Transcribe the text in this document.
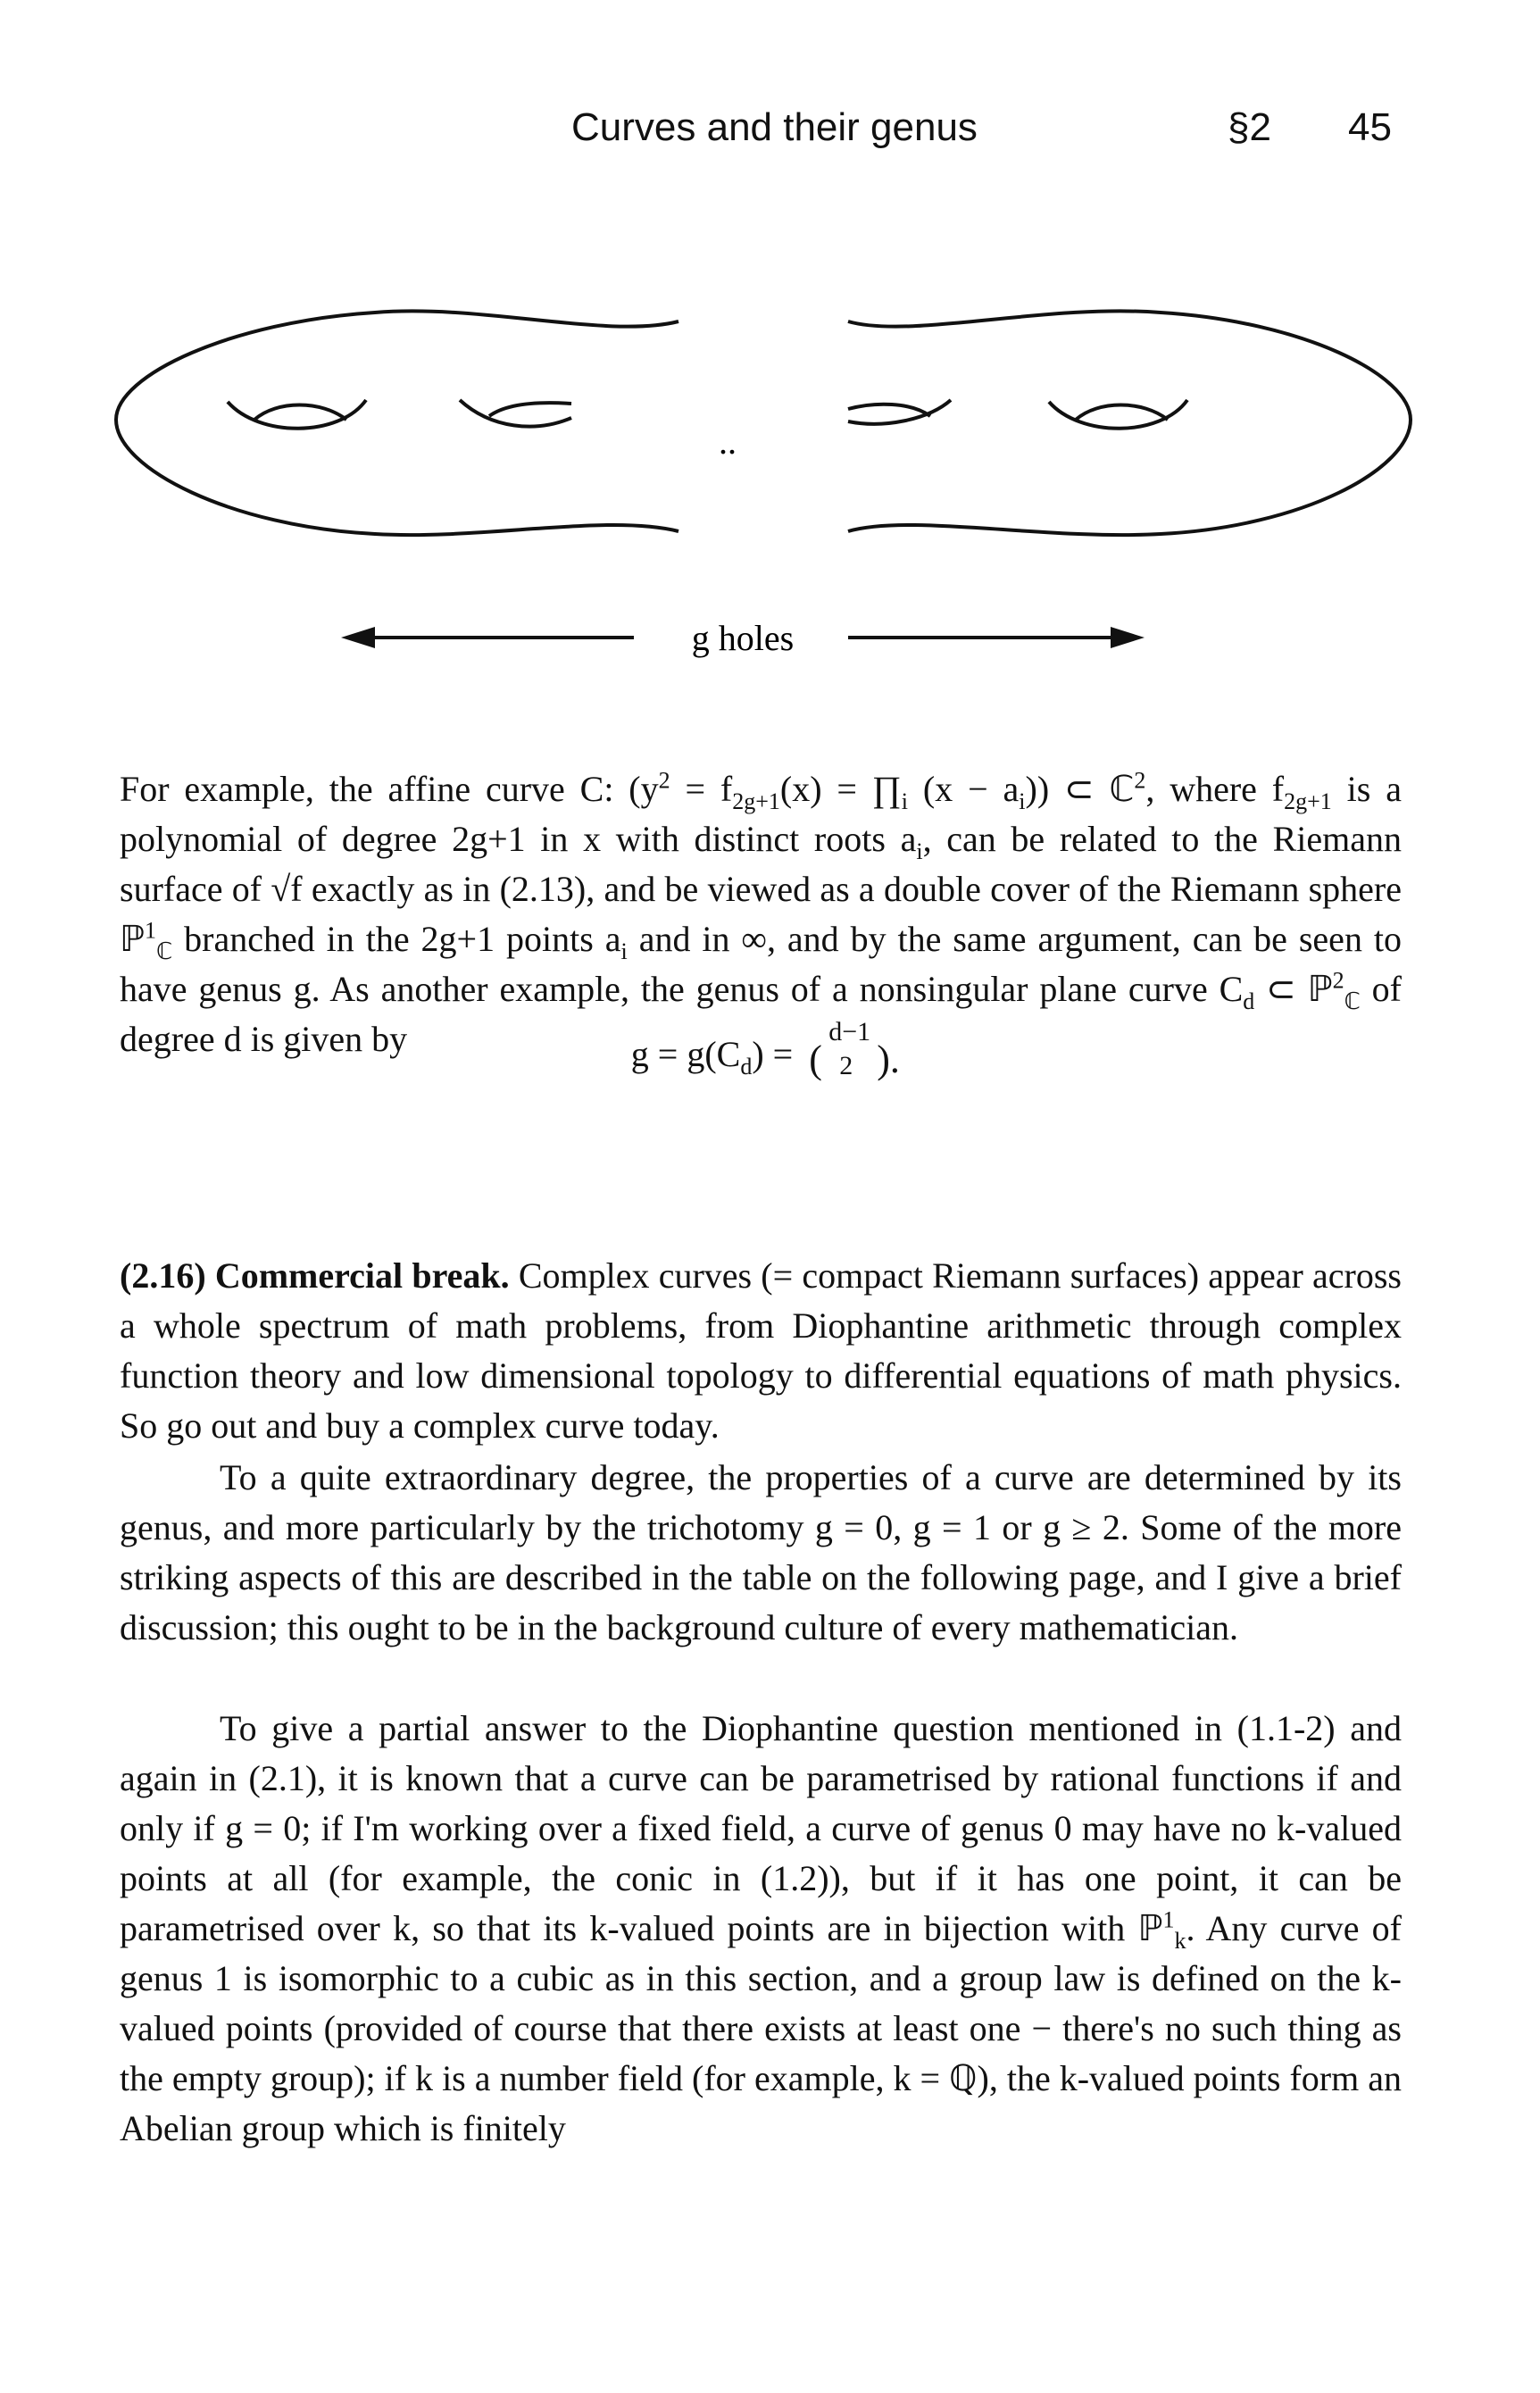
Curves and their genus	§2 45
..
g holes
For example, the affine curve C: ($y^2 = f_{2g+1}(x)$ = $\prod_i$ $(x - a_i)$) ⊂ ℂ$^2$, where $f_{2g+1}$ is a polynomial of degree 2g+1 in x with distinct roots $a_i$, can be related to the Riemann surface of √f exactly as in (2.13), and be viewed as a double cover of the Riemann sphere ℙ$^1_ℂ$ branched in the 2g+1 points $a_i$ and in ∞, and by the same argument, can be seen to have genus g. As another example, the genus of a nonsingular plane curve $C_d$ ⊂ ℙ$^2_ℂ$ of degree d is given by	$g = g(C_d)$ = (
d−1
2 ).
(2.16) Commercial break. Complex curves (= compact Riemann surfaces) appear across a whole spectrum of math problems, from Diophantine arithmetic through complex function theory and low dimensional topology to differential equations of math physics. So go out and buy a complex curve today.
To a quite extraordinary degree, the properties of a curve are determined by its genus, and more particularly by the trichotomy g = 0, g = 1 or g ≥ 2. Some of the more striking aspects of this are described in the table on the following page, and I give a brief discussion; this ought to be in the background culture of every mathematician.
To give a partial answer to the Diophantine question mentioned in (1.1-2) and again in (2.1), it is known that a curve can be parametrised by rational functions if and only if g = 0; if I'm working over a fixed field, a curve of genus 0 may have no k-valued points at all (for example, the conic in (1.2)), but if it has one point, it can be parametrised over k, so that its k-valued points are in bijection with ℙ$^1_k$. Any curve of genus 1 is isomorphic to a cubic as in this section, and a group law is defined on the k-valued points (provided of course that there exists at least one − there's no such thing as the empty group); if k is a number field (for example, k = ℚ), the k-valued points form an Abelian group which is finitely
